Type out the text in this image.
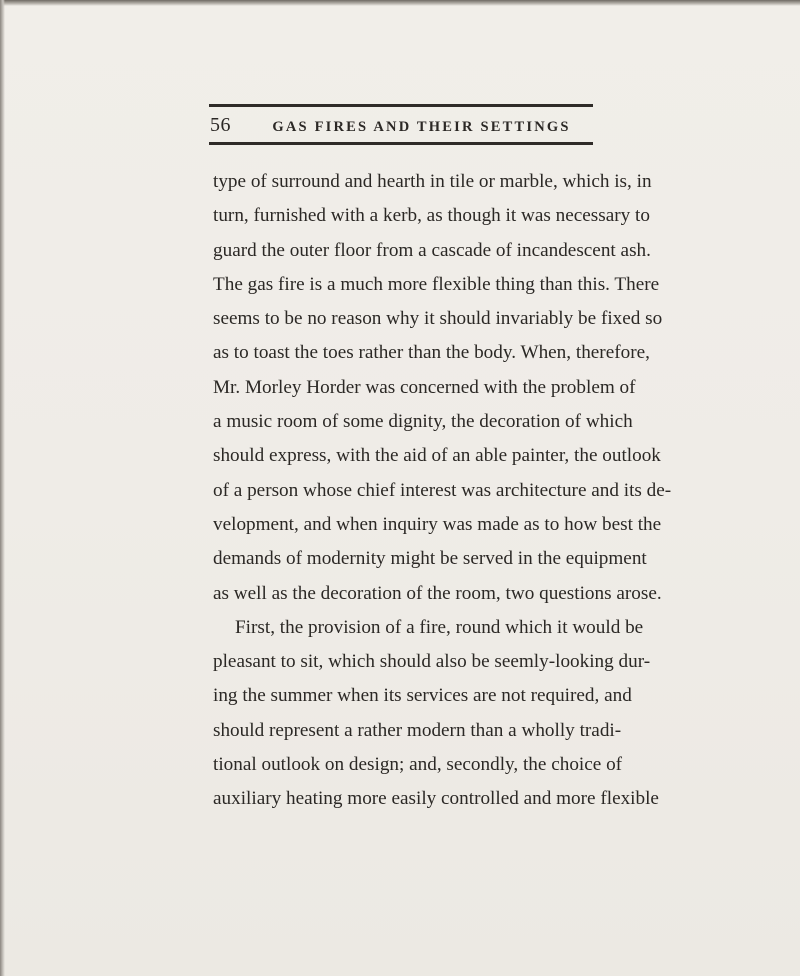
56	GAS FIRES AND THEIR SETTINGS
type of surround and hearth in tile or marble, which is, in
turn, furnished with a kerb, as though it was necessary to
guard the outer floor from a cascade of incandescent ash.
The gas fire is a much more flexible thing than this. There
seems to be no reason why it should invariably be fixed so
as to toast the toes rather than the body. When, therefore,
Mr. Morley Horder was concerned with the problem of
a music room of some dignity, the decoration of which
should express, with the aid of an able painter, the outlook
of a person whose chief interest was architecture and its de-
velopment, and when inquiry was made as to how best the
demands of modernity might be served in the equipment
as well as the decoration of the room, two questions arose.
First, the provision of a fire, round which it would be
pleasant to sit, which should also be seemly-looking dur-
ing the summer when its services are not required, and
should represent a rather modern than a wholly tradi-
tional outlook on design; and, secondly, the choice of
auxiliary heating more easily controlled and more flexible
